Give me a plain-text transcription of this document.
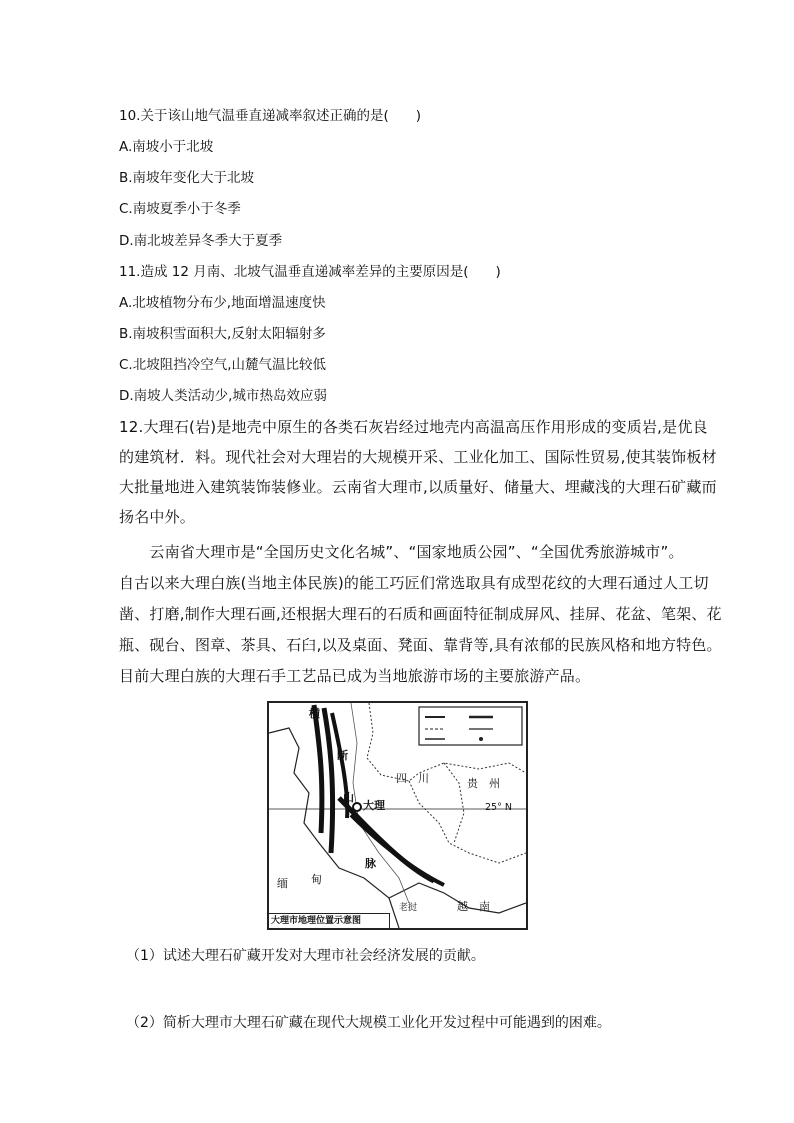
10.关于该山地气温垂直递减率叙述正确的是(　　)
A.南坡小于北坡
B.南坡年变化大于北坡
C.南坡夏季小于冬季
D.南北坡差异冬季大于夏季
11.造成 12 月南、北坡气温垂直递减率差异的主要原因是(　　)
A.北坡植物分布少,地面增温速度快
B.南坡积雪面积大,反射太阳辐射多
C.北坡阻挡冷空气,山麓气温比较低
D.南坡人类活动少,城市热岛效应弱
12.大理石(岩)是地壳中原生的各类石灰岩经过地壳内高温高压作用形成的变质岩,是优良
的建筑材．料。现代社会对大理岩的大规模开采、工业化加工、国际性贸易,使其装饰板材
大批量地进入建筑装饰装修业。云南省大理市,以质量好、储量大、埋藏浅的大理石矿藏而
扬名中外。
　　云南省大理市是“全国历史文化名城”、“国家地质公园”、“全国优秀旅游城市”。
自古以来大理白族(当地主体民族)的能工巧匠们常选取具有成型花纹的大理石通过人工切
凿、打磨,制作大理石画,还根据大理石的石质和画面特征制成屏风、挂屏、花盆、笔架、花
瓶、砚台、图章、茶具、石臼,以及桌面、凳面、靠背等,具有浓郁的民族风格和地方特色。
目前大理白族的大理石手工艺品已成为当地旅游市场的主要旅游产品。
横
断
山
脉
四　川	贵　州
大理	25° N
缅 甸
老挝	越　南
大理市地理位置示意图
（1）试述大理石矿藏开发对大理市社会经济发展的贡献。
（2）简析大理市大理石矿藏在现代大规模工业化开发过程中可能遇到的困难。
